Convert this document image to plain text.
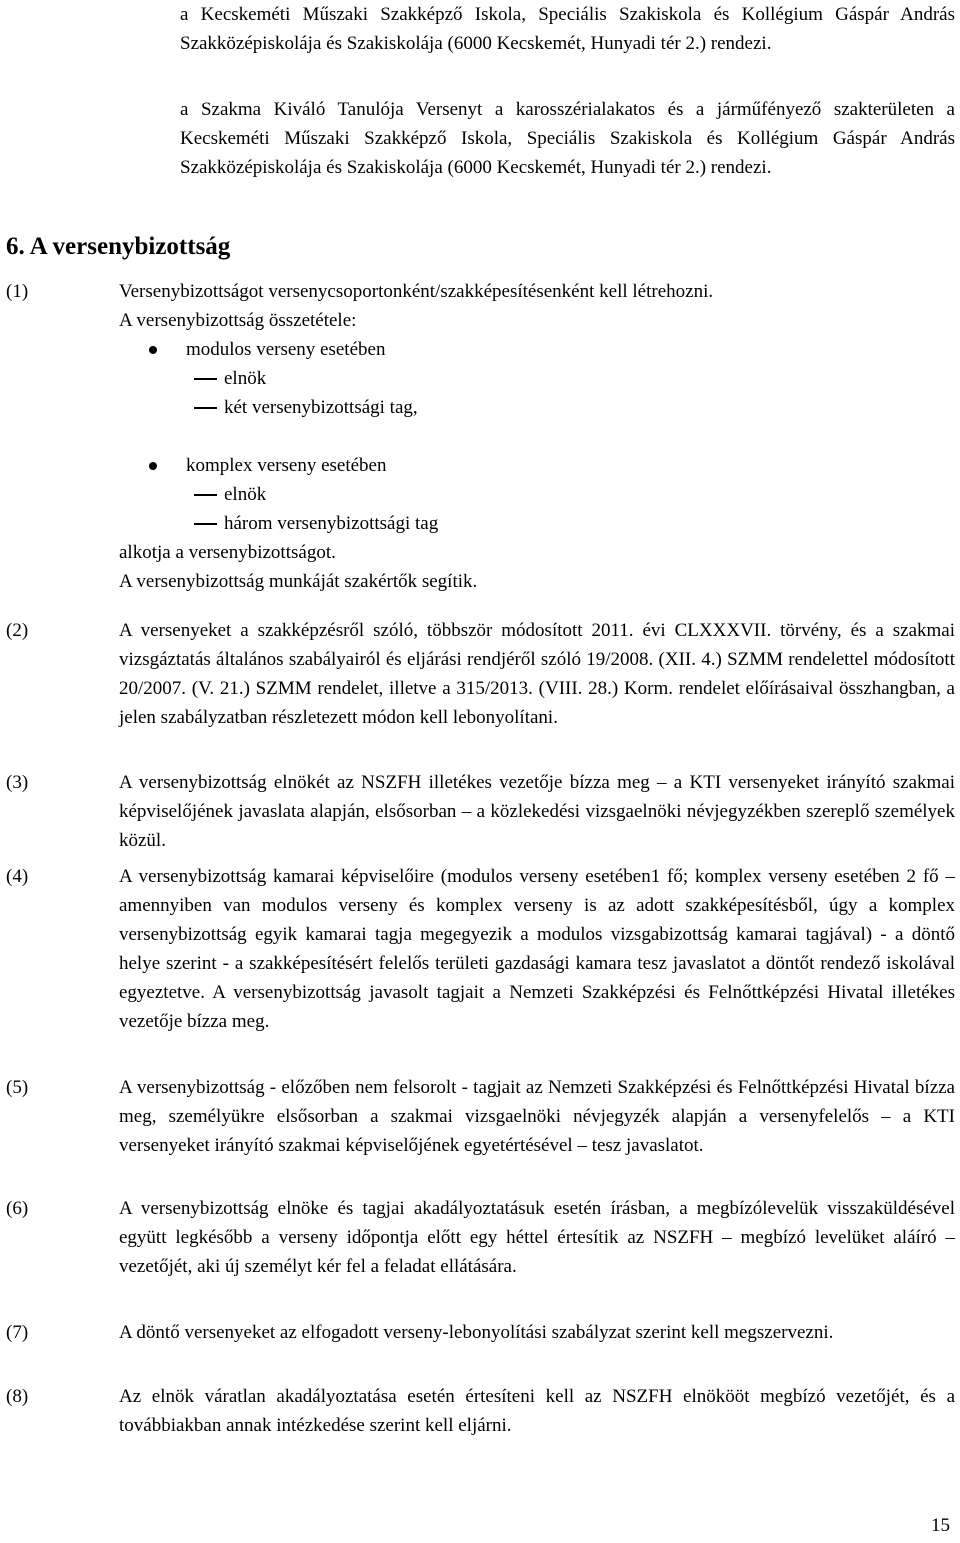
a Kecskeméti Műszaki Szakképző Iskola, Speciális Szakiskola és Kollégium Gáspár András Szakközépiskolája és Szakiskolája (6000 Kecskemét, Hunyadi tér 2.) rendezi.

a Szakma Kiváló Tanulója Versenyt a karosszérialakatos és a járműfényező szakterületen a Kecskeméti Műszaki Szakképző Iskola, Speciális Szakiskola és Kollégium Gáspár András Szakközépiskolája és Szakiskolája (6000 Kecskemét, Hunyadi tér 2.) rendezi.

6. A versenybizottság
(1)	Versenybizottságot versenycsoportonként/szakképesítésenként kell létrehozni.
A versenybizottság összetétele:
modulos verseny esetében
elnök
két versenybizottsági tag,
komplex verseny esetében
elnök
három versenybizottsági tag
alkotja a versenybizottságot.
A versenybizottság munkáját szakértők segítik.
(2)	A versenyeket a szakképzésről szóló, többször módosított 2011. évi CLXXXVII. törvény, és a szakmai vizsgáztatás általános szabályairól és eljárási rendjéről szóló 19/2008. (XII. 4.) SZMM rendelettel módosított 20/2007. (V. 21.) SZMM rendelet, illetve a 315/2013. (VIII. 28.) Korm. rendelet előírásaival összhangban, a jelen szabályzatban részletezett módon kell lebonyolítani.

(3)	A versenybizottság elnökét az NSZFH illetékes vezetője bízza meg – a KTI versenyeket irányító szakmai képviselőjének javaslata alapján, elsősorban – a közlekedési vizsgaelnöki névjegyzékben szereplő személyek közül.

(4)	A versenybizottság kamarai képviselőire (modulos verseny esetében1 fő; komplex verseny esetében 2 fő – amennyiben van modulos verseny és komplex verseny is az adott szakképesítésből, úgy a komplex versenybizottság egyik kamarai tagja megegyezik a modulos vizsgabizottság kamarai tagjával) - a döntő helye szerint - a szakképesítésért felelős területi gazdasági kamara tesz javaslatot a döntőt rendező iskolával egyeztetve. A versenybizottság javasolt tagjait a Nemzeti Szakképzési és Felnőttképzési Hivatal illetékes vezetője bízza meg.

(5)	A versenybizottság - előzőben nem felsorolt - tagjait az Nemzeti Szakképzési és Felnőttképzési Hivatal bízza meg, személyükre elsősorban a szakmai vizsgaelnöki névjegyzék alapján a versenyfelelős – a KTI versenyeket irányító szakmai képviselőjének egyetértésével – tesz javaslatot.

(6)	A versenybizottság elnöke és tagjai akadályoztatásuk esetén írásban, a megbízólevelük visszaküldésével együtt legkésőbb a verseny időpontja előtt egy héttel értesítik az NSZFH – megbízó levelüket aláíró – vezetőjét, aki új személyt kér fel a feladat ellátására.

(7)	A döntő versenyeket az elfogadott verseny-lebonyolítási szabályzat szerint kell megszervezni.

(8)	Az elnök váratlan akadályoztatása esetén értesíteni kell az NSZFH elnökööt megbízó vezetőjét, és a továbbiakban annak intézkedése szerint kell eljárni.

15
